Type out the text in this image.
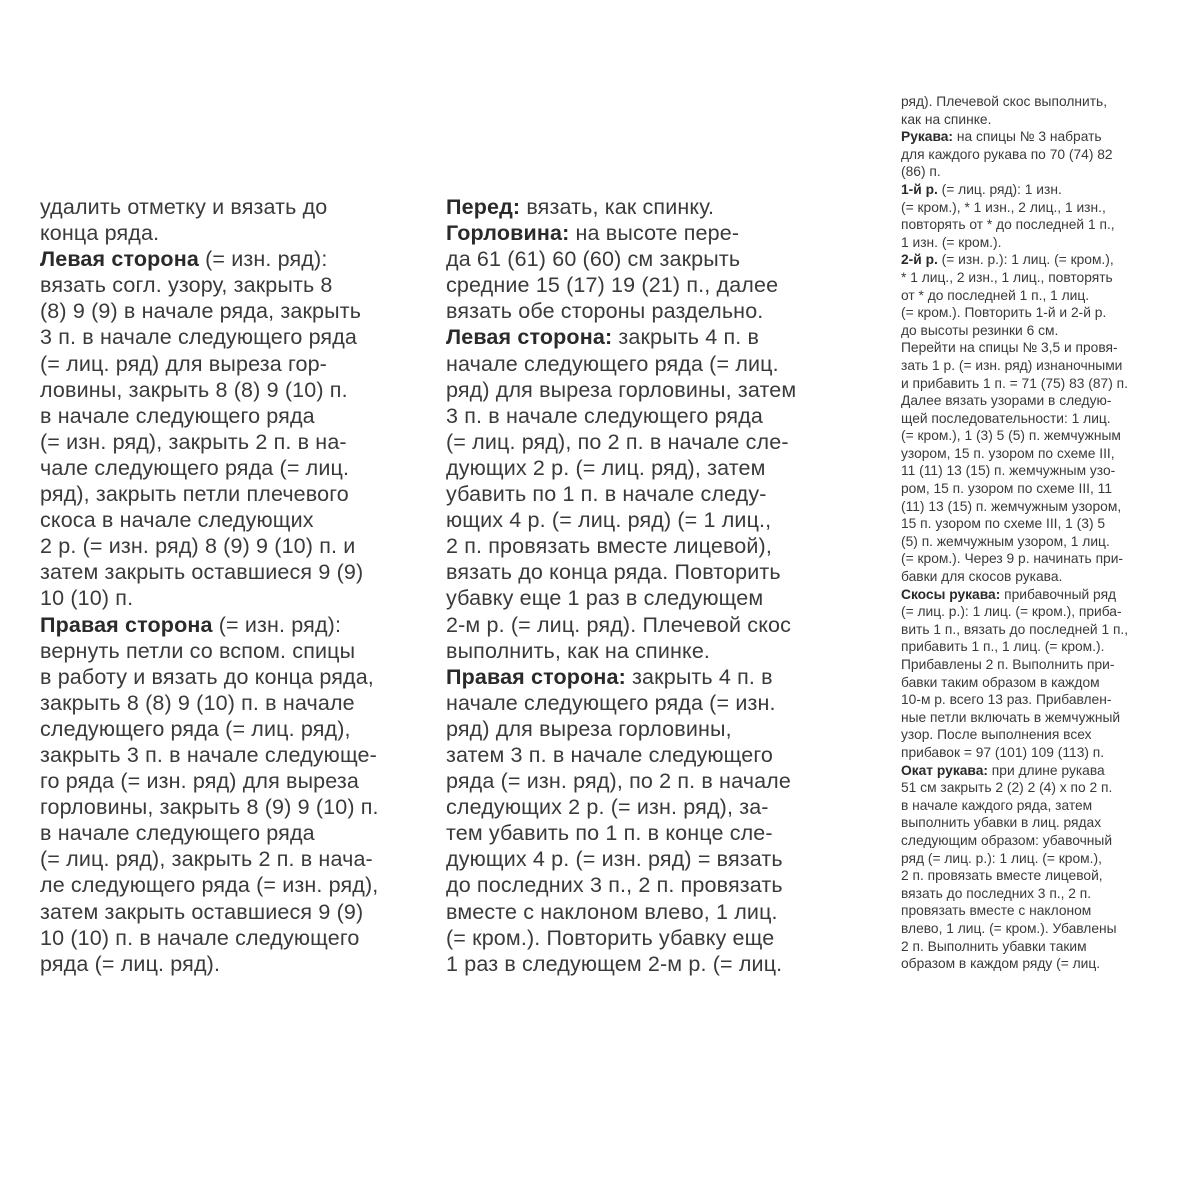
удалить отметку и вязать до
конца ряда.
Левая сторона (= изн. ряд):
вязать согл. узору, закрыть 8
(8) 9 (9) в начале ряда, закрыть
3 п. в начале следующего ряда
(= лиц. ряд) для выреза гор-
ловины, закрыть 8 (8) 9 (10) п.
в начале следующего ряда
(= изн. ряд), закрыть 2 п. в на-
чале следующего ряда (= лиц.
ряд), закрыть петли плечевого
скоса в начале следующих
2 р. (= изн. ряд) 8 (9) 9 (10) п. и
затем закрыть оставшиеся 9 (9)
10 (10) п.
Правая сторона (= изн. ряд):
вернуть петли со вспом. спицы
в работу и вязать до конца ряда,
закрыть 8 (8) 9 (10) п. в начале
следующего ряда (= лиц. ряд),
закрыть 3 п. в начале следующе-
го ряда (= изн. ряд) для выреза
горловины, закрыть 8 (9) 9 (10) п.
в начале следующего ряда
(= лиц. ряд), закрыть 2 п. в нача-
ле следующего ряда (= изн. ряд),
затем закрыть оставшиеся 9 (9)
10 (10) п. в начале следующего
ряда (= лиц. ряд).
Перед: вязать, как спинку.
Горловина: на высоте пере-
да 61 (61) 60 (60) см закрыть
средние 15 (17) 19 (21) п., далее
вязать обе стороны раздельно.
Левая сторона: закрыть 4 п. в
начале следующего ряда (= лиц.
ряд) для выреза горловины, затем
3 п. в начале следующего ряда
(= лиц. ряд), по 2 п. в начале сле-
дующих 2 р. (= лиц. ряд), затем
убавить по 1 п. в начале следу-
ющих 4 р. (= лиц. ряд) (= 1 лиц.,
2 п. провязать вместе лицевой),
вязать до конца ряда. Повторить
убавку еще 1 раз в следующем
2-м р. (= лиц. ряд). Плечевой скос
выполнить, как на спинке.
Правая сторона: закрыть 4 п. в
начале следующего ряда (= изн.
ряд) для выреза горловины,
затем 3 п. в начале следующего
ряда (= изн. ряд), по 2 п. в начале
следующих 2 р. (= изн. ряд), за-
тем убавить по 1 п. в конце сле-
дующих 4 р. (= изн. ряд) = вязать
до последних 3 п., 2 п. провязать
вместе с наклоном влево, 1 лиц.
(= кром.). Повторить убавку еще
1 раз в следующем 2-м р. (= лиц.
ряд). Плечевой скос выполнить,
как на спинке.
Рукава: на спицы № 3 набрать
для каждого рукава по 70 (74) 82
(86) п.
1-й р. (= лиц. ряд): 1 изн.
(= кром.), * 1 изн., 2 лиц., 1 изн.,
повторять от * до последней 1 п.,
1 изн. (= кром.).
2-й р. (= изн. р.): 1 лиц. (= кром.),
* 1 лиц., 2 изн., 1 лиц., повторять
от * до последней 1 п., 1 лиц.
(= кром.). Повторить 1-й и 2-й р.
до высоты резинки 6 см.
Перейти на спицы № 3,5 и провя-
зать 1 р. (= изн. ряд) изнаночными
и прибавить 1 п. = 71 (75) 83 (87) п.
Далее вязать узорами в следую-
щей последовательности: 1 лиц.
(= кром.), 1 (3) 5 (5) п. жемчужным
узором, 15 п. узором по схеме III,
11 (11) 13 (15) п. жемчужным узо-
ром, 15 п. узором по схеме III, 11
(11) 13 (15) п. жемчужным узором,
15 п. узором по схеме III, 1 (3) 5
(5) п. жемчужным узором, 1 лиц.
(= кром.). Через 9 р. начинать при-
бавки для скосов рукава.
Скосы рукава: прибавочный ряд
(= лиц. р.): 1 лиц. (= кром.), приба-
вить 1 п., вязать до последней 1 п.,
прибавить 1 п., 1 лиц. (= кром.).
Прибавлены 2 п. Выполнить при-
бавки таким образом в каждом
10-м р. всего 13 раз. Прибавлен-
ные петли включать в жемчужный
узор. После выполнения всех
прибавок = 97 (101) 109 (113) п.
Окат рукава: при длине рукава
51 см закрыть 2 (2) 2 (4) х по 2 п.
в начале каждого ряда, затем
выполнить убавки в лиц. рядах
следующим образом: убавочный
ряд (= лиц. р.): 1 лиц. (= кром.),
2 п. провязать вместе лицевой,
вязать до последних 3 п., 2 п.
провязать вместе с наклоном
влево, 1 лиц. (= кром.). Убавлены
2 п. Выполнить убавки таким
образом в каждом ряду (= лиц.
